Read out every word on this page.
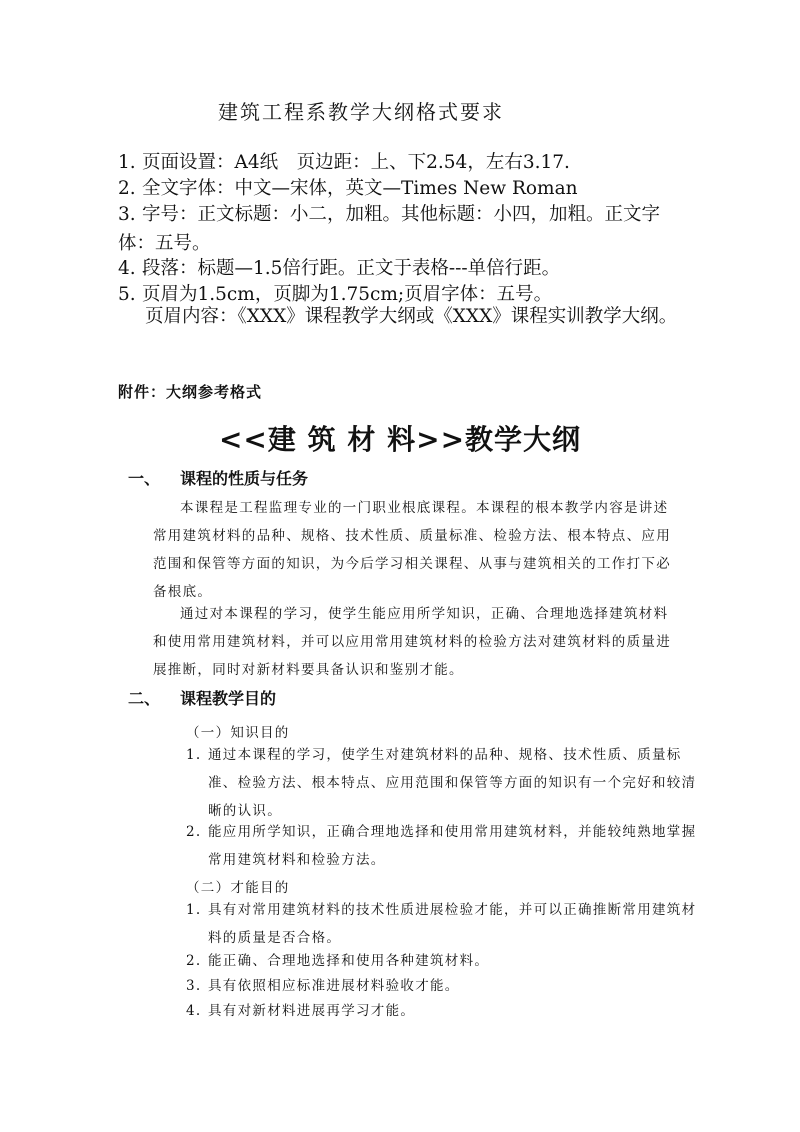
建筑工程系教学大纲格式要求

1. 页面设置：A4纸　页边距：上、下2.54，左右3.17.

2. 全文字体：中文—宋体，英文—Times New Roman

3. 字号：正文标题：小二，加粗。其他标题：小四，加粗。正文字体：五号。

4. 段落：标题—1.5倍行距。正文于表格---单倍行距。

5. 页眉为1.5cm，页脚为1.75cm;页眉字体：五号。

页眉内容：《XXX》课程教学大纲或《XXX》课程实训教学大纲。

附件：大纲参考格式

<<建 筑 材 料>>教学大纲
一、 课程的性质与任务

本课程是工程监理专业的一门职业根底课程。本课程的根本教学内容是讲述常用建筑材料的品种、规格、技术性质、质量标准、检验方法、根本特点、应用范围和保管等方面的知识，为今后学习相关课程、从事与建筑相关的工作打下必备根底。

通过对本课程的学习，使学生能应用所学知识，正确、合理地选择建筑材料和使用常用建筑材料，并可以应用常用建筑材料的检验方法对建筑材料的质量进展推断，同时对新材料要具备认识和鉴别才能。

二、 课程教学目的

（一）知识目的

1. 通过本课程的学习，使学生对建筑材料的品种、规格、技术性质、质量标准、检验方法、根本特点、应用范围和保管等方面的知识有一个完好和较清晰的认识。

2. 能应用所学知识，正确合理地选择和使用常用建筑材料，并能较纯熟地掌握常用建筑材料和检验方法。

（二）才能目的

1. 具有对常用建筑材料的技术性质进展检验才能，并可以正确推断常用建筑材料的质量是否合格。

2. 能正确、合理地选择和使用各种建筑材料。

3. 具有依照相应标准进展材料验收才能。

4. 具有对新材料进展再学习才能。
